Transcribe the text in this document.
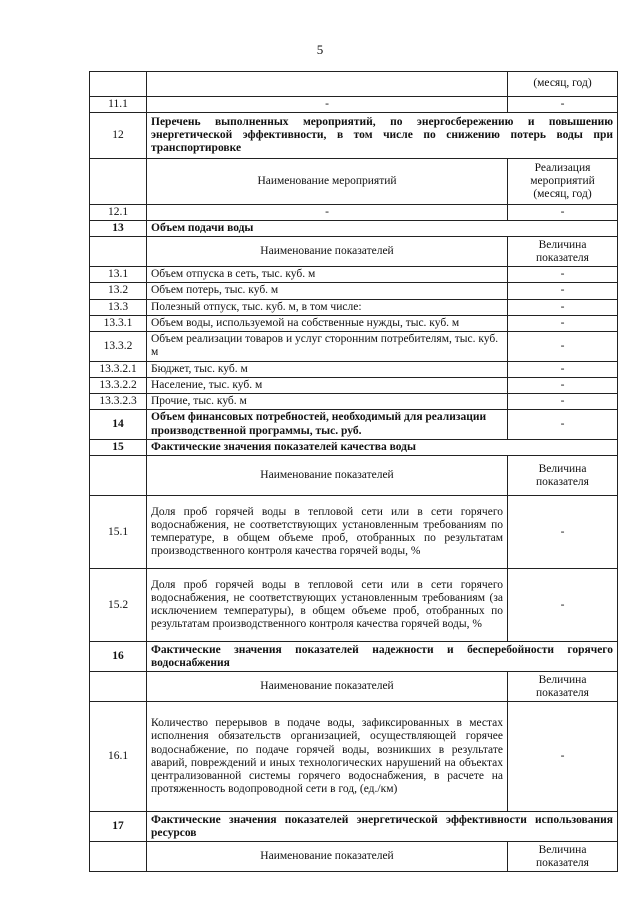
5
		(месяц, год)
11.1	-	-
12	Перечень выполненных мероприятий, по энергосбережению и повышению энергетической эффективности, в том числе по снижению потерь воды при транспортировке	
	Наименование мероприятий	Реализация мероприятий (месяц, год)
12.1	-	-
13	Объем подачи воды	
	Наименование показателей	Величина показателя
13.1	Объем отпуска в сеть, тыс. куб. м	-
13.2	Объем потерь, тыс. куб. м	-
13.3	Полезный отпуск, тыс. куб. м, в том числе:	-
13.3.1	Объем воды, используемой на собственные нужды, тыс. куб. м	-
13.3.2	Объем реализации товаров и услуг сторонним потребителям, тыс. куб. м	-
13.3.2.1	Бюджет, тыс. куб. м	-
13.3.2.2	Население, тыс. куб. м	-
13.3.2.3	Прочие, тыс. куб. м	-
14	Объем финансовых потребностей, необходимый для реализации производственной программы, тыс. руб.	-
15	Фактические значения показателей качества воды	
	Наименование показателей	Величина показателя
15.1	Доля проб горячей воды в тепловой сети или в сети горячего водоснабжения, не соответствующих установленным требованиям по температуре, в общем объеме проб, отобранных по результатам производственного контроля качества горячей воды, %	-
15.2	Доля проб горячей воды в тепловой сети или в сети горячего водоснабжения, не соответствующих установленным требованиям (за исключением температуры), в общем объеме проб, отобранных по результатам производственного контроля качества горячей воды, %	-
16	Фактические значения показателей надежности и бесперебойности горячего водоснабжения	
	Наименование показателей	Величина показателя
16.1	Количество перерывов в подаче воды, зафиксированных в местах исполнения обязательств организацией, осуществляющей горячее водоснабжение, по подаче горячей воды, возникших в результате аварий, повреждений и иных технологических нарушений на объектах централизованной системы горячего водоснабжения, в расчете на протяженность водопроводной сети в год, (ед./км)	-
17	Фактические значения показателей энергетической эффективности использования ресурсов	
	Наименование показателей	Величина показателя
